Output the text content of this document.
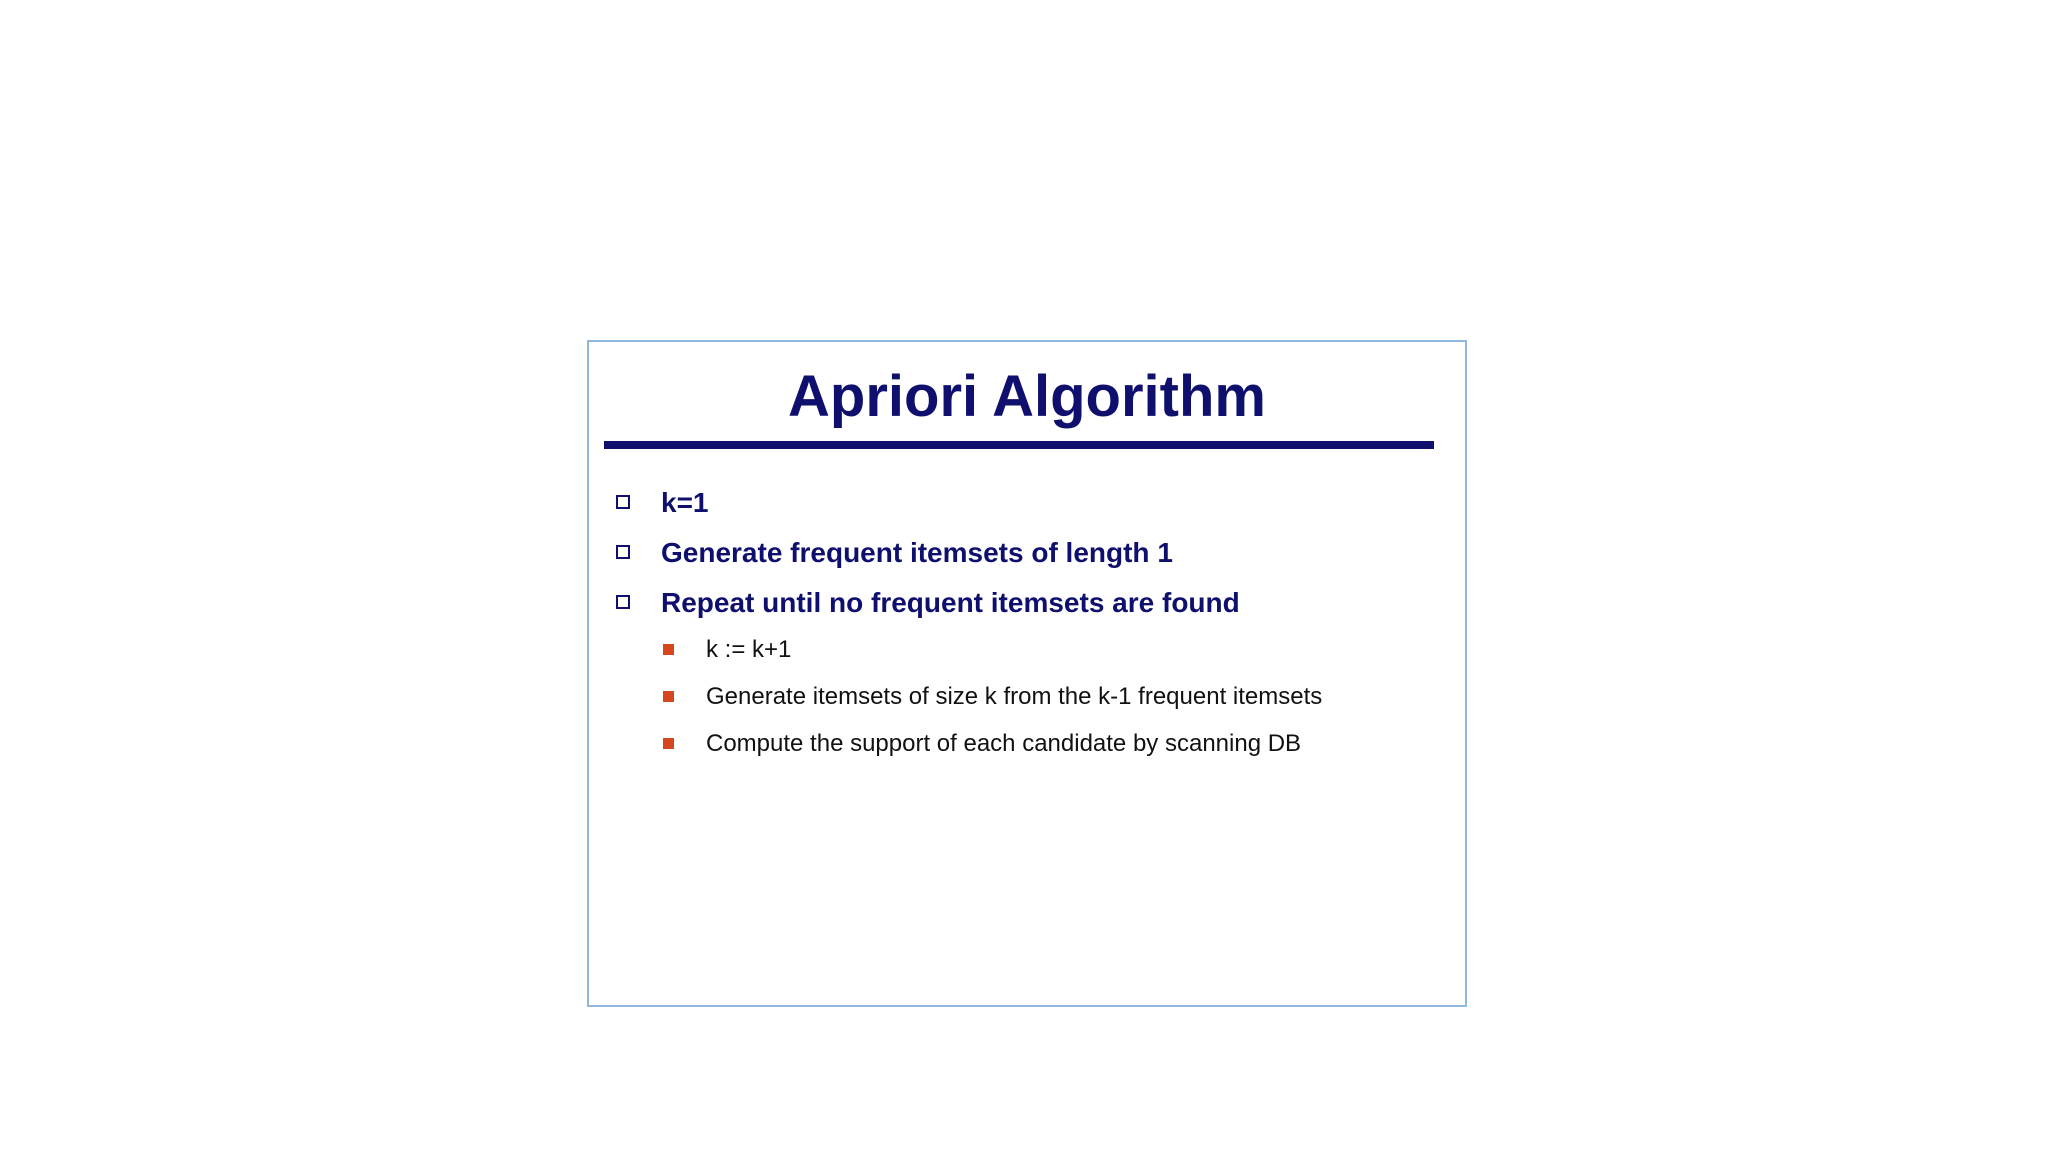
Apriori Algorithm
k=1
Generate frequent itemsets of length 1
Repeat until no frequent itemsets are found
k := k+1
Generate itemsets of size k from the k-1 frequent itemsets
Compute the support of each candidate by scanning DB
